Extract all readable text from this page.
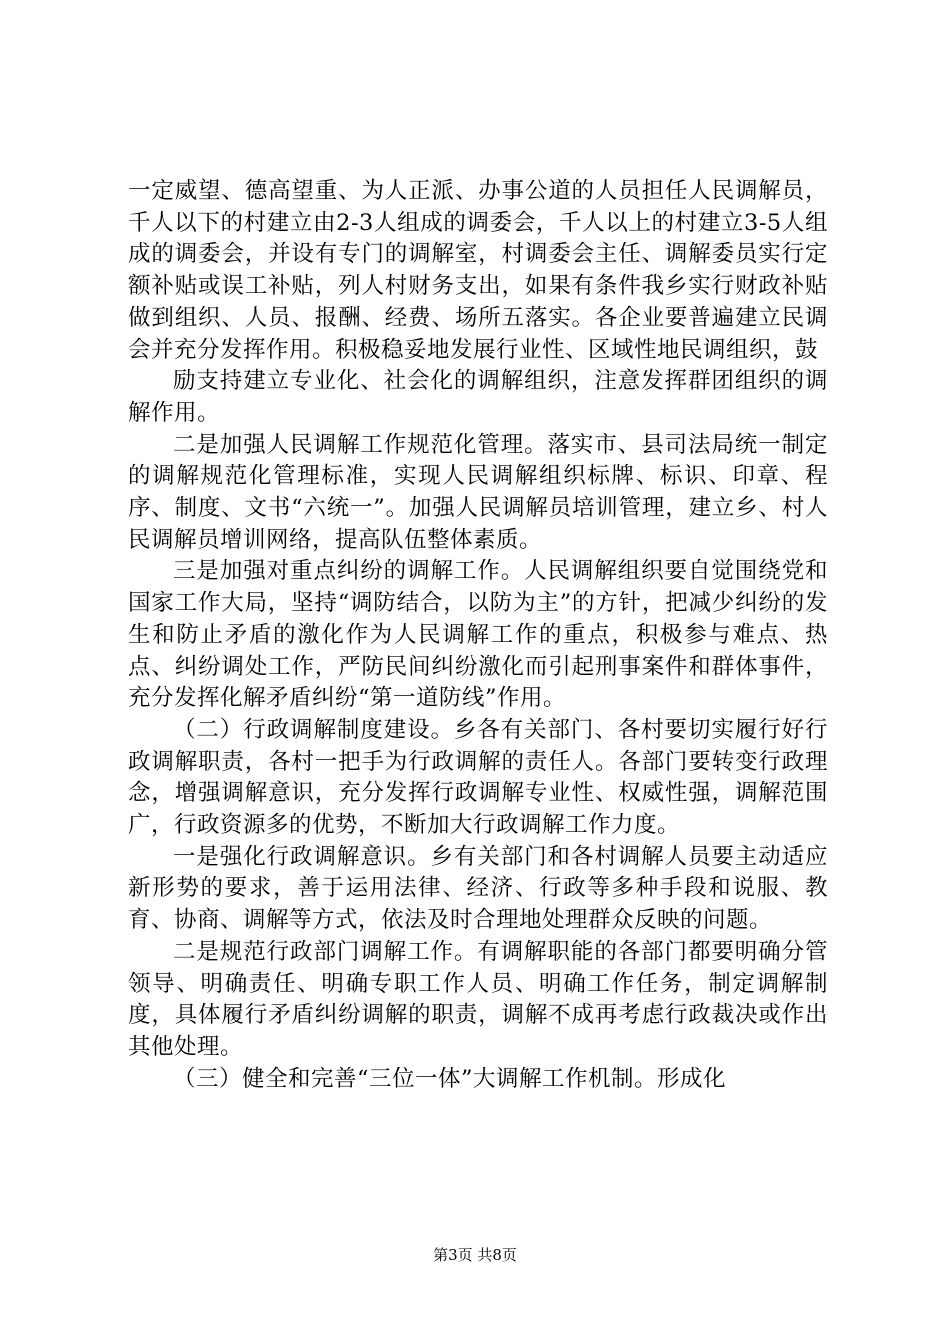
一定威望、德高望重、为人正派、办事公道的人员担任人民调解员，千人以下的村建立由2-3人组成的调委会，千人以上的村建立3-5人组成的调委会，并设有专门的调解室，村调委会主任、调解委员实行定额补贴或误工补贴，列人村财务支出，如果有条件我乡实行财政补贴做到组织、人员、报酬、经费、场所五落实。各企业要普遍建立民调会并充分发挥作用。积极稳妥地发展行业性、区域性地民调组织，鼓

励支持建立专业化、社会化的调解组织，注意发挥群团组织的调解作用。

二是加强人民调解工作规范化管理。落实市、县司法局统一制定的调解规范化管理标准，实现人民调解组织标牌、标识、印章、程序、制度、文书“六统一”。加强人民调解员培训管理，建立乡、村人民调解员增训网络，提高队伍整体素质。

三是加强对重点纠纷的调解工作。人民调解组织要自觉围绕党和国家工作大局，坚持“调防结合，以防为主”的方针，把减少纠纷的发生和防止矛盾的激化作为人民调解工作的重点，积极参与难点、热点、纠纷调处工作，严防民间纠纷激化而引起刑事案件和群体事件，充分发挥化解矛盾纠纷“第一道防线”作用。

（二）行政调解制度建设。乡各有关部门、各村要切实履行好行政调解职责，各村一把手为行政调解的责任人。各部门要转变行政理念，增强调解意识，充分发挥行政调解专业性、权威性强，调解范围广，行政资源多的优势，不断加大行政调解工作力度。

一是强化行政调解意识。乡有关部门和各村调解人员要主动适应新形势的要求，善于运用法律、经济、行政等多种手段和说服、教育、协商、调解等方式，依法及时合理地处理群众反映的问题。

二是规范行政部门调解工作。有调解职能的各部门都要明确分管领导、明确责任、明确专职工作人员、明确工作任务，制定调解制度，具体履行矛盾纠纷调解的职责，调解不成再考虑行政裁决或作出其他处理。

（三）健全和完善“三位一体”大调解工作机制。形成化

第3页 共8页
